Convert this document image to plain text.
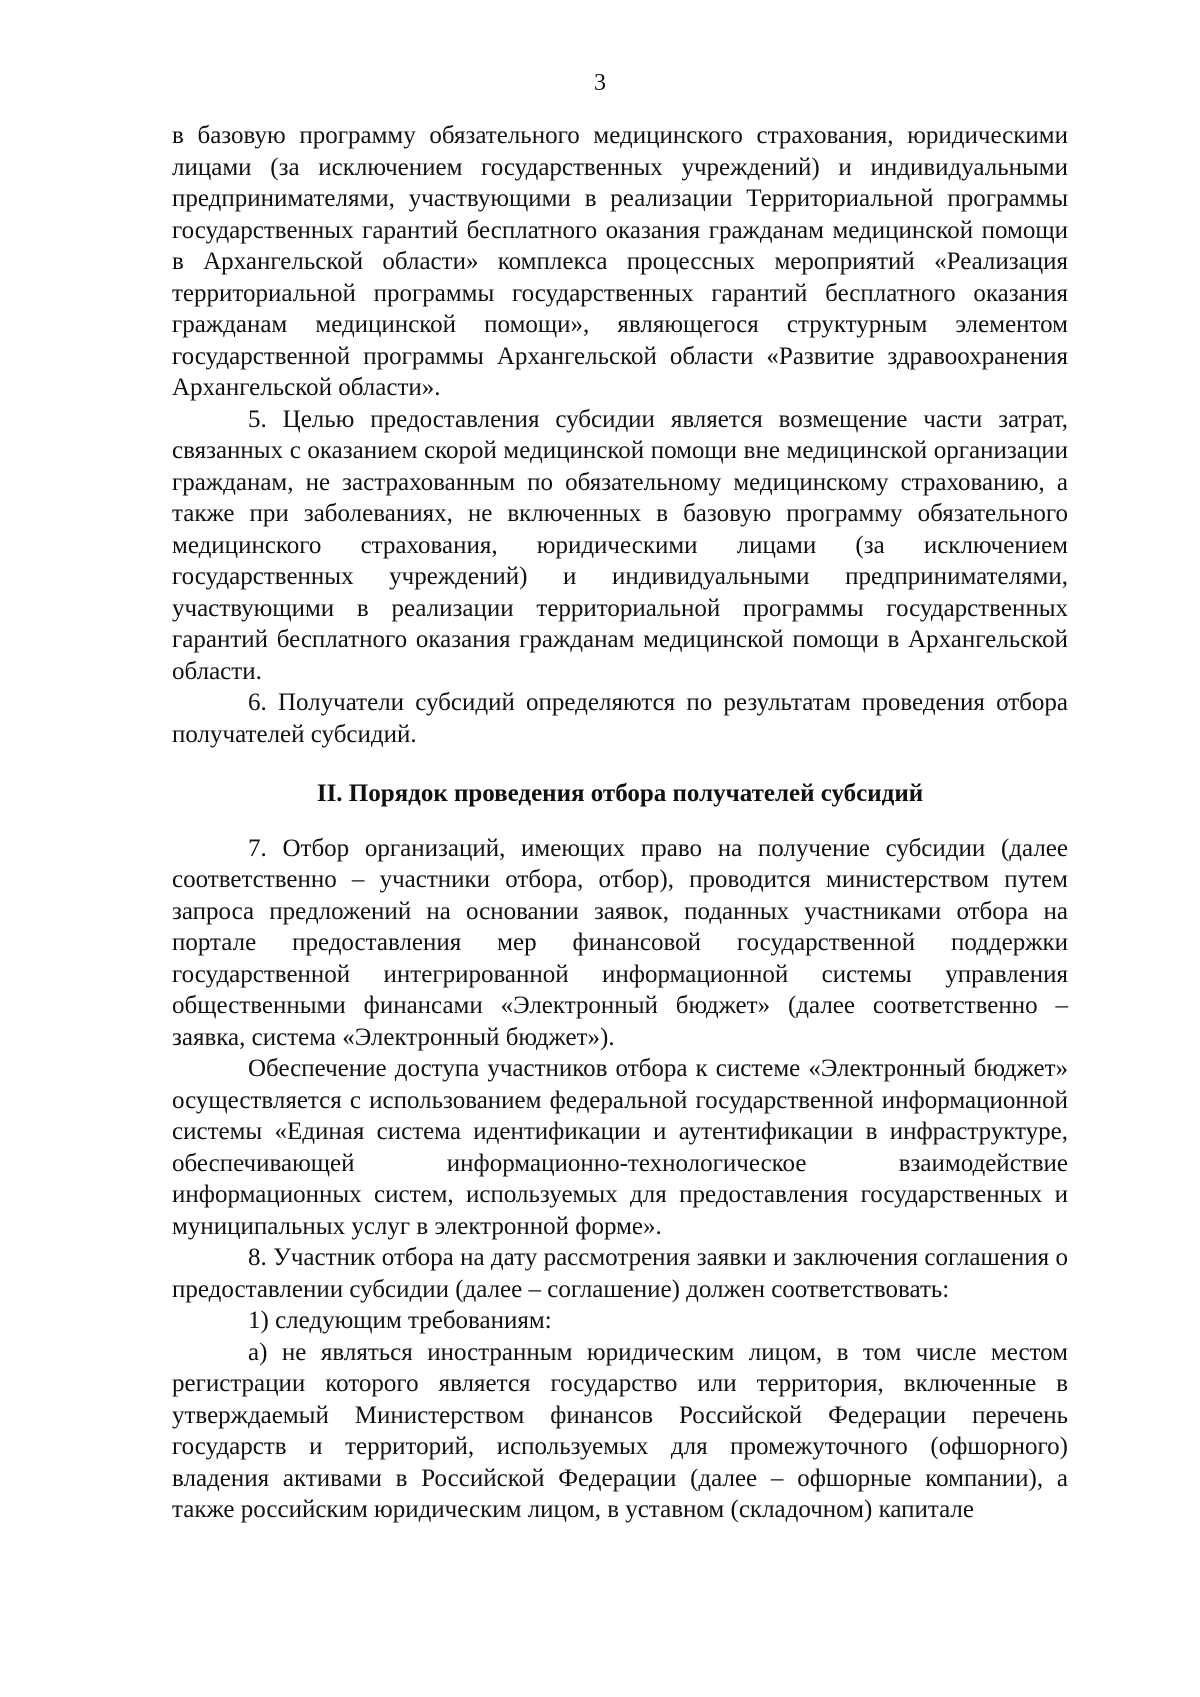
3

в базовую программу обязательного медицинского страхования, юридическими лицами (за исключением государственных учреждений) и индивидуальными предпринимателями, участвующими в реализации Территориальной программы государственных гарантий бесплатного оказания гражданам медицинской помощи в Архангельской области» комплекса процессных мероприятий «Реализация территориальной программы государственных гарантий бесплатного оказания гражданам медицинской помощи», являющегося структурным элементом государственной программы Архангельской области «Развитие здравоохранения Архангельской области».

5. Целью предоставления субсидии является возмещение части затрат, связанных с оказанием скорой медицинской помощи вне медицинской организации гражданам, не застрахованным по обязательному медицинскому страхованию, а также при заболеваниях, не включенных в базовую программу обязательного медицинского страхования, юридическими лицами (за исключением государственных учреждений) и индивидуальными предпринимателями, участвующими в реализации территориальной программы государственных гарантий бесплатного оказания гражданам медицинской помощи в Архангельской области.

6. Получатели субсидий определяются по результатам проведения отбора получателей субсидий.

II. Порядок проведения отбора получателей субсидий

7. Отбор организаций, имеющих право на получение субсидии (далее соответственно – участники отбора, отбор), проводится министерством путем запроса предложений на основании заявок, поданных участниками отбора на портале предоставления мер финансовой государственной поддержки государственной интегрированной информационной системы управления общественными финансами «Электронный бюджет» (далее соответственно – заявка, система «Электронный бюджет»).

Обеспечение доступа участников отбора к системе «Электронный бюджет» осуществляется с использованием федеральной государственной информационной системы «Единая система идентификации и аутентификации в инфраструктуре, обеспечивающей информационно-технологическое взаимодействие информационных систем, используемых для предоставления государственных и муниципальных услуг в электронной форме».

8. Участник отбора на дату рассмотрения заявки и заключения соглашения о предоставлении субсидии (далее – соглашение) должен соответствовать:

1) следующим требованиям:

а) не являться иностранным юридическим лицом, в том числе местом регистрации которого является государство или территория, включенные в утверждаемый Министерством финансов Российской Федерации перечень государств и территорий, используемых для промежуточного (офшорного) владения активами в Российской Федерации (далее – офшорные компании), а также российским юридическим лицом, в уставном (складочном) капитале
